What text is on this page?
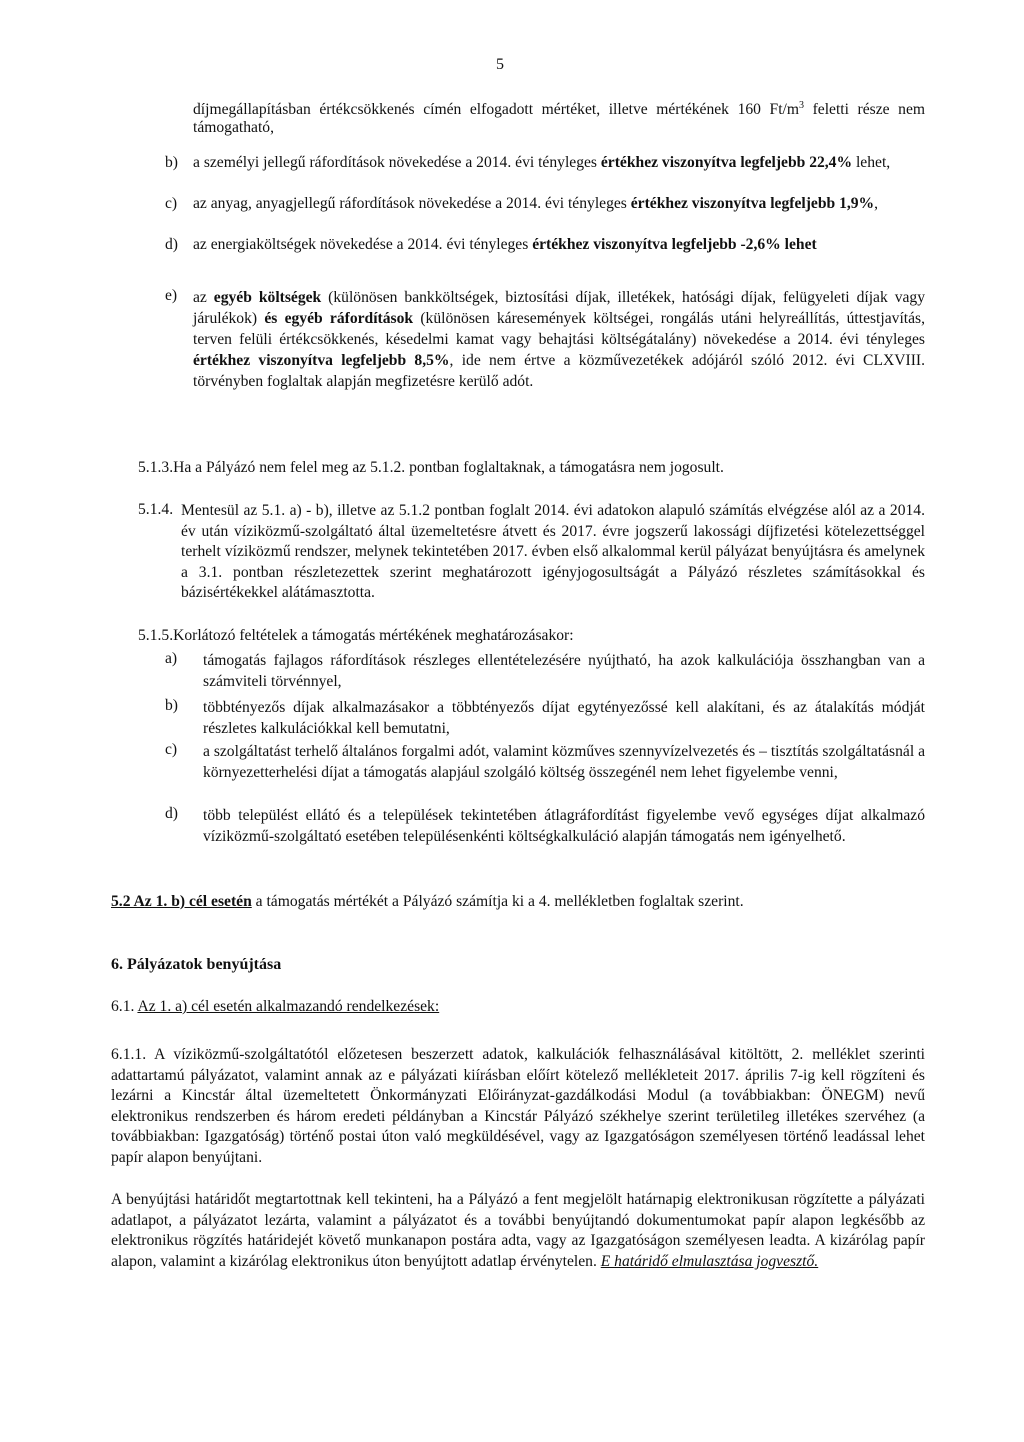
5
díjmegállapításban értékcsökkenés címén elfogadott mértéket, illetve mértékének 160 $Ft/m^3$ feletti része nem támogatható,
b) a személyi jellegű ráfordítások növekedése a 2014. évi tényleges értékhez viszonyítva legfeljebb 22,4% lehet,
c) az anyag, anyagjellegű ráfordítások növekedése a 2014. évi tényleges értékhez viszonyítva legfeljebb 1,9%,
d) az energiaköltségek növekedése a 2014. évi tényleges értékhez viszonyítva legfeljebb -2,6% lehet
e) az egyéb költségek (különösen bankköltségek, biztosítási díjak, illetékek, hatósági díjak, felügyeleti díjak vagy járulékok) és egyéb ráfordítások (különösen káresemények költségei, rongálás utáni helyreállítás, úttestjavítás, terven felüli értékcsökkenés, késedelmi kamat vagy behajtási költségátalány) növekedése a 2014. évi tényleges értékhez viszonyítva legfeljebb 8,5%, ide nem értve a közművezetékek adójáról szóló 2012. évi CLXVIII. törvényben foglaltak alapján megfizetésre kerülő adót.
5.1.3.Ha a Pályázó nem felel meg az 5.1.2. pontban foglaltaknak, a támogatásra nem jogosult.
5.1.4. Mentesül az 5.1. a) - b), illetve az 5.1.2 pontban foglalt 2014. évi adatokon alapuló számítás elvégzése alól az a 2014. év után víziközmű-szolgáltató által üzemeltetésre átvett és 2017. évre jogszerű lakossági díjfizetési kötelezettséggel terhelt víziközmű rendszer, melynek tekintetében 2017. évben első alkalommal kerül pályázat benyújtásra és amelynek a 3.1. pontban részletezettek szerint meghatározott igényjogosultságát a Pályázó részletes számításokkal és bázisértékekkel alátámasztotta.
5.1.5.Korlátozó feltételek a támogatás mértékének meghatározásakor:
a) támogatás fajlagos ráfordítások részleges ellentételezésére nyújtható, ha azok kalkulációja összhangban van a számviteli törvénnyel,
b) többtényezős díjak alkalmazásakor a többtényezős díjat egytényezőssé kell alakítani, és az átalakítás módját részletes kalkulációkkal kell bemutatni,
c) a szolgáltatást terhelő általános forgalmi adót, valamint közműves szennyvízelvezetés és – tisztítás szolgáltatásnál a környezetterhelési díjat a támogatás alapjául szolgáló költség összegénél nem lehet figyelembe venni,
d) több települést ellátó és a települések tekintetében átlagráfordítást figyelembe vevő egységes díjat alkalmazó víziközmű-szolgáltató esetében településenkénti költségkalkuláció alapján támogatás nem igényelhető.
5.2 Az 1. b) cél esetén a támogatás mértékét a Pályázó számítja ki a 4. mellékletben foglaltak szerint.
6. Pályázatok benyújtása
6.1. Az 1. a) cél esetén alkalmazandó rendelkezések:
6.1.1. A víziközmű-szolgáltatótól előzetesen beszerzett adatok, kalkulációk felhasználásával kitöltött, 2. melléklet szerinti adattartamú pályázatot, valamint annak az e pályázati kiírásban előírt kötelező mellékleteit 2017. április 7-ig kell rögzíteni és lezárni a Kincstár által üzemeltetett Önkormányzati Előirányzat-gazdálkodási Modul (a továbbiakban: ÖNEGM) nevű elektronikus rendszerben és három eredeti példányban a Kincstár Pályázó székhelye szerint területileg illetékes szervéhez (a továbbiakban: Igazgatóság) történő postai úton való megküldésével, vagy az Igazgatóságon személyesen történő leadással lehet papír alapon benyújtani.
A benyújtási határidőt megtartottnak kell tekinteni, ha a Pályázó a fent megjelölt határnapig elektronikusan rögzítette a pályázati adatlapot, a pályázatot lezárta, valamint a pályázatot és a további benyújtandó dokumentumokat papír alapon legkésőbb az elektronikus rögzítés határidejét követő munkanapon postára adta, vagy az Igazgatóságon személyesen leadta. A kizárólag papír alapon, valamint a kizárólag elektronikus úton benyújtott adatlap érvénytelen. E határidő elmulasztása jogvesztő.
